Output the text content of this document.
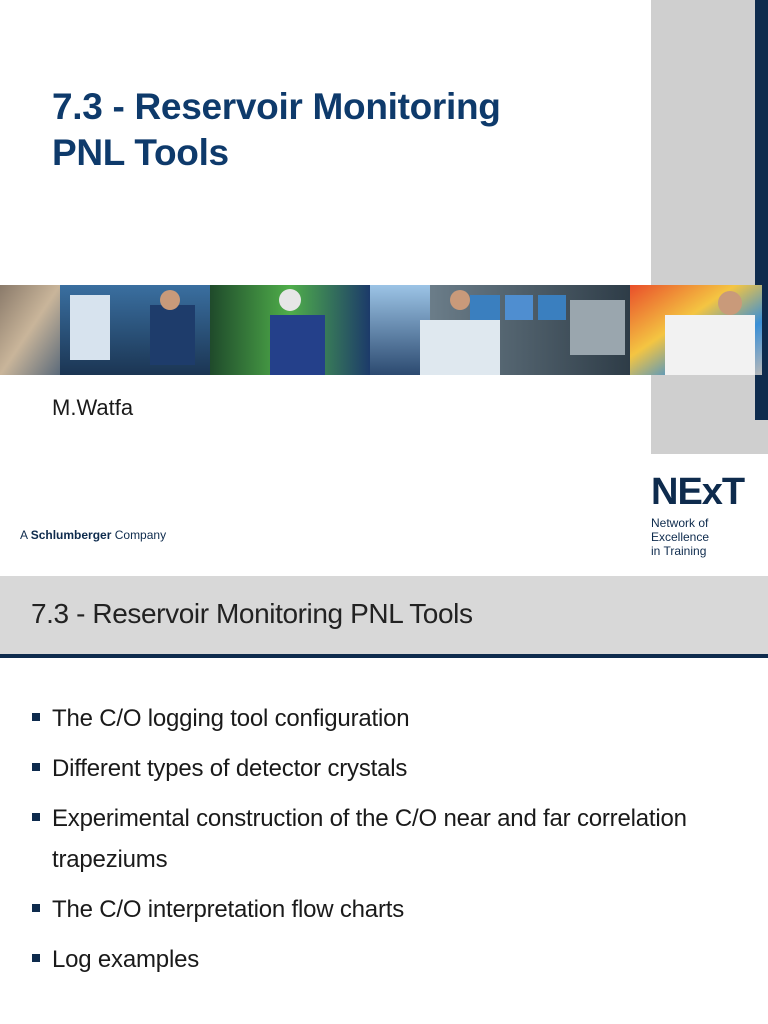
7.3 - Reservoir Monitoring
PNL Tools

M.Watfa

A Schlumberger Company
NExT
Network of Excellence
in Training
7.3 - Reservoir Monitoring PNL Tools
The C/O logging tool configuration
Different types of detector crystals
Experimental construction of the C/O near and far correlation trapeziums
The C/O interpretation flow charts
Log examples
